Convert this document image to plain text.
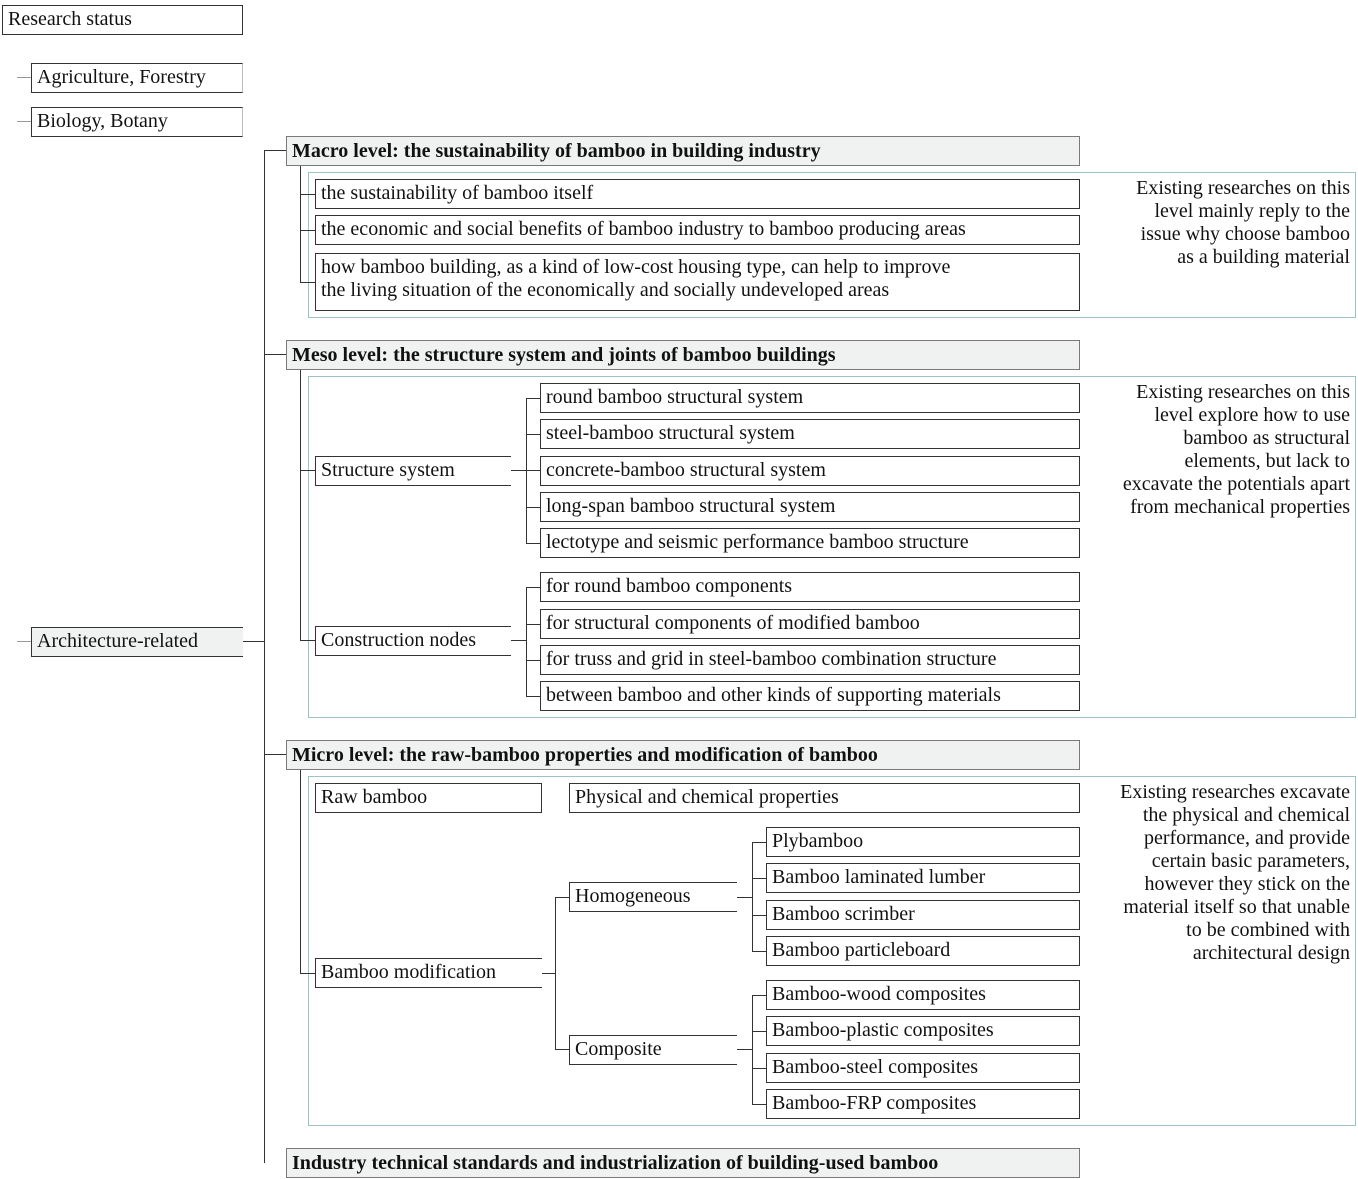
Research status
Agriculture, Forestry
Biology, Botany
Architecture-related
Macro level: the sustainability of bamboo in building industry
the sustainability of bamboo itself
the economic and social benefits of bamboo industry to bamboo producing areas
how bamboo building, as a kind of low-cost housing type, can help to improve
the living situation of the economically and socially undeveloped areas
Existing researches on this
level mainly reply to the
issue why choose bamboo
as a building material
Meso level: the structure system and joints of bamboo buildings
Structure system
round bamboo structural system
steel-bamboo structural system
concrete-bamboo structural system
long-span bamboo structural system
lectotype and seismic performance bamboo structure
Construction nodes
for round bamboo components
for structural components of modified bamboo
for truss and grid in steel-bamboo combination structure
between bamboo and other kinds of supporting materials
Existing researches on this
level explore how to use
bamboo as structural
elements, but lack to
excavate the potentials apart
from mechanical properties
Micro level: the raw-bamboo properties and modification of bamboo
Raw bamboo	Physical and chemical properties
Bamboo modification
Homogeneous
Plybamboo
Bamboo laminated lumber
Bamboo scrimber
Bamboo particleboard
Composite
Bamboo-wood composites
Bamboo-plastic composites
Bamboo-steel composites
Bamboo-FRP composites
Existing researches excavate
the physical and chemical
performance, and provide
certain basic parameters,
however they stick on the
material itself so that unable
to be combined with
architectural design
Industry technical standards and industrialization of building-used bamboo
